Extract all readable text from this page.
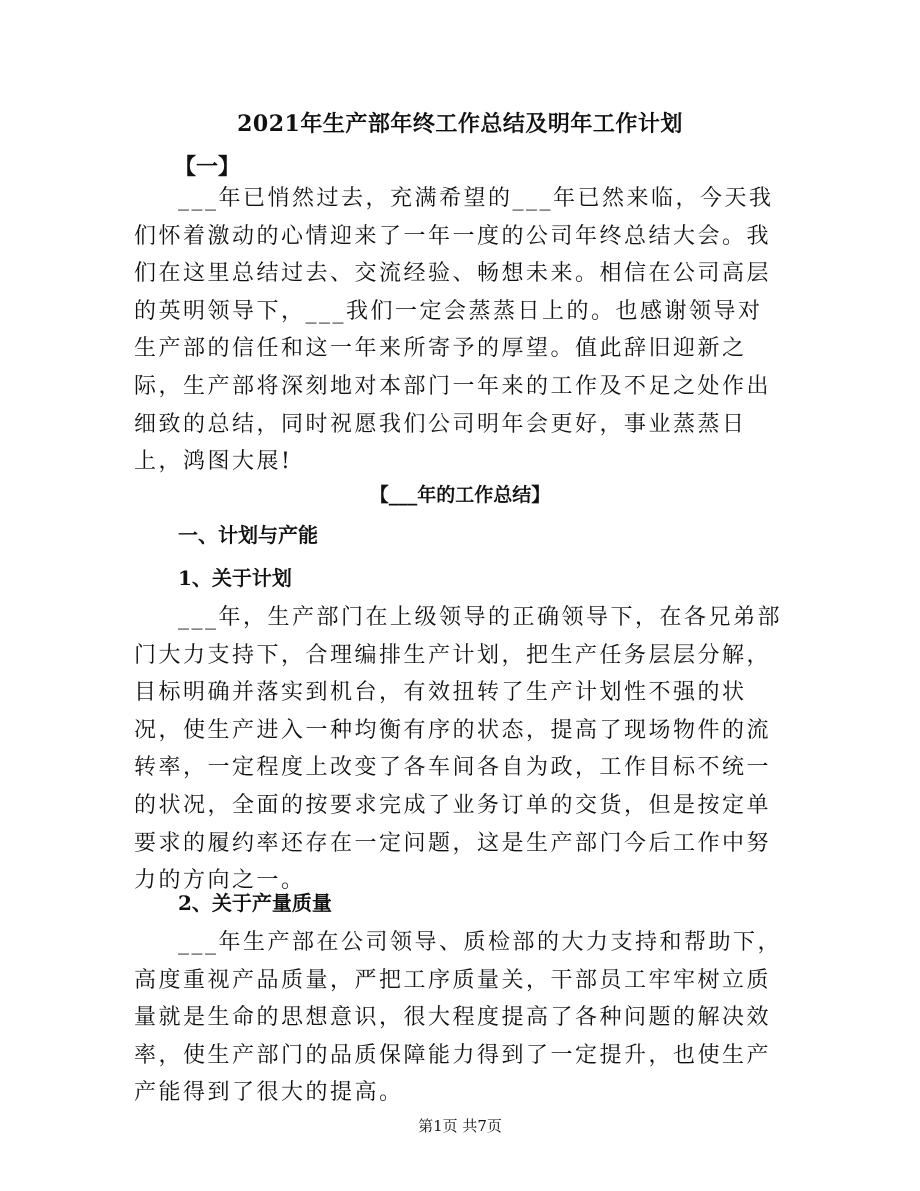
2021年生产部年终工作总结及明年工作计划
【一】

___年已悄然过去，充满希望的___年已然来临，今天我们怀着激动的心情迎来了一年一度的公司年终总结大会。我们在这里总结过去、交流经验、畅想未来。相信在公司高层的英明领导下，___我们一定会蒸蒸日上的。也感谢领导对生产部的信任和这一年来所寄予的厚望。值此辞旧迎新之际，生产部将深刻地对本部门一年来的工作及不足之处作出细致的总结，同时祝愿我们公司明年会更好，事业蒸蒸日上，鸿图大展!

【___年的工作总结】
一、计划与产能
1、关于计划

___年，生产部门在上级领导的正确领导下，在各兄弟部门大力支持下，合理编排生产计划，把生产任务层层分解，目标明确并落实到机台，有效扭转了生产计划性不强的状况，使生产进入一种均衡有序的状态，提高了现场物件的流转率，一定程度上改变了各车间各自为政，工作目标不统一的状况，全面的按要求完成了业务订单的交货，但是按定单要求的履约率还存在一定问题，这是生产部门今后工作中努力的方向之一。

2、关于产量质量

___年生产部在公司领导、质检部的大力支持和帮助下，高度重视产品质量，严把工序质量关，干部员工牢牢树立质量就是生命的思想意识，很大程度提高了各种问题的解决效率，使生产部门的品质保障能力得到了一定提升，也使生产产能得到了很大的提高。

第1页 共7页
